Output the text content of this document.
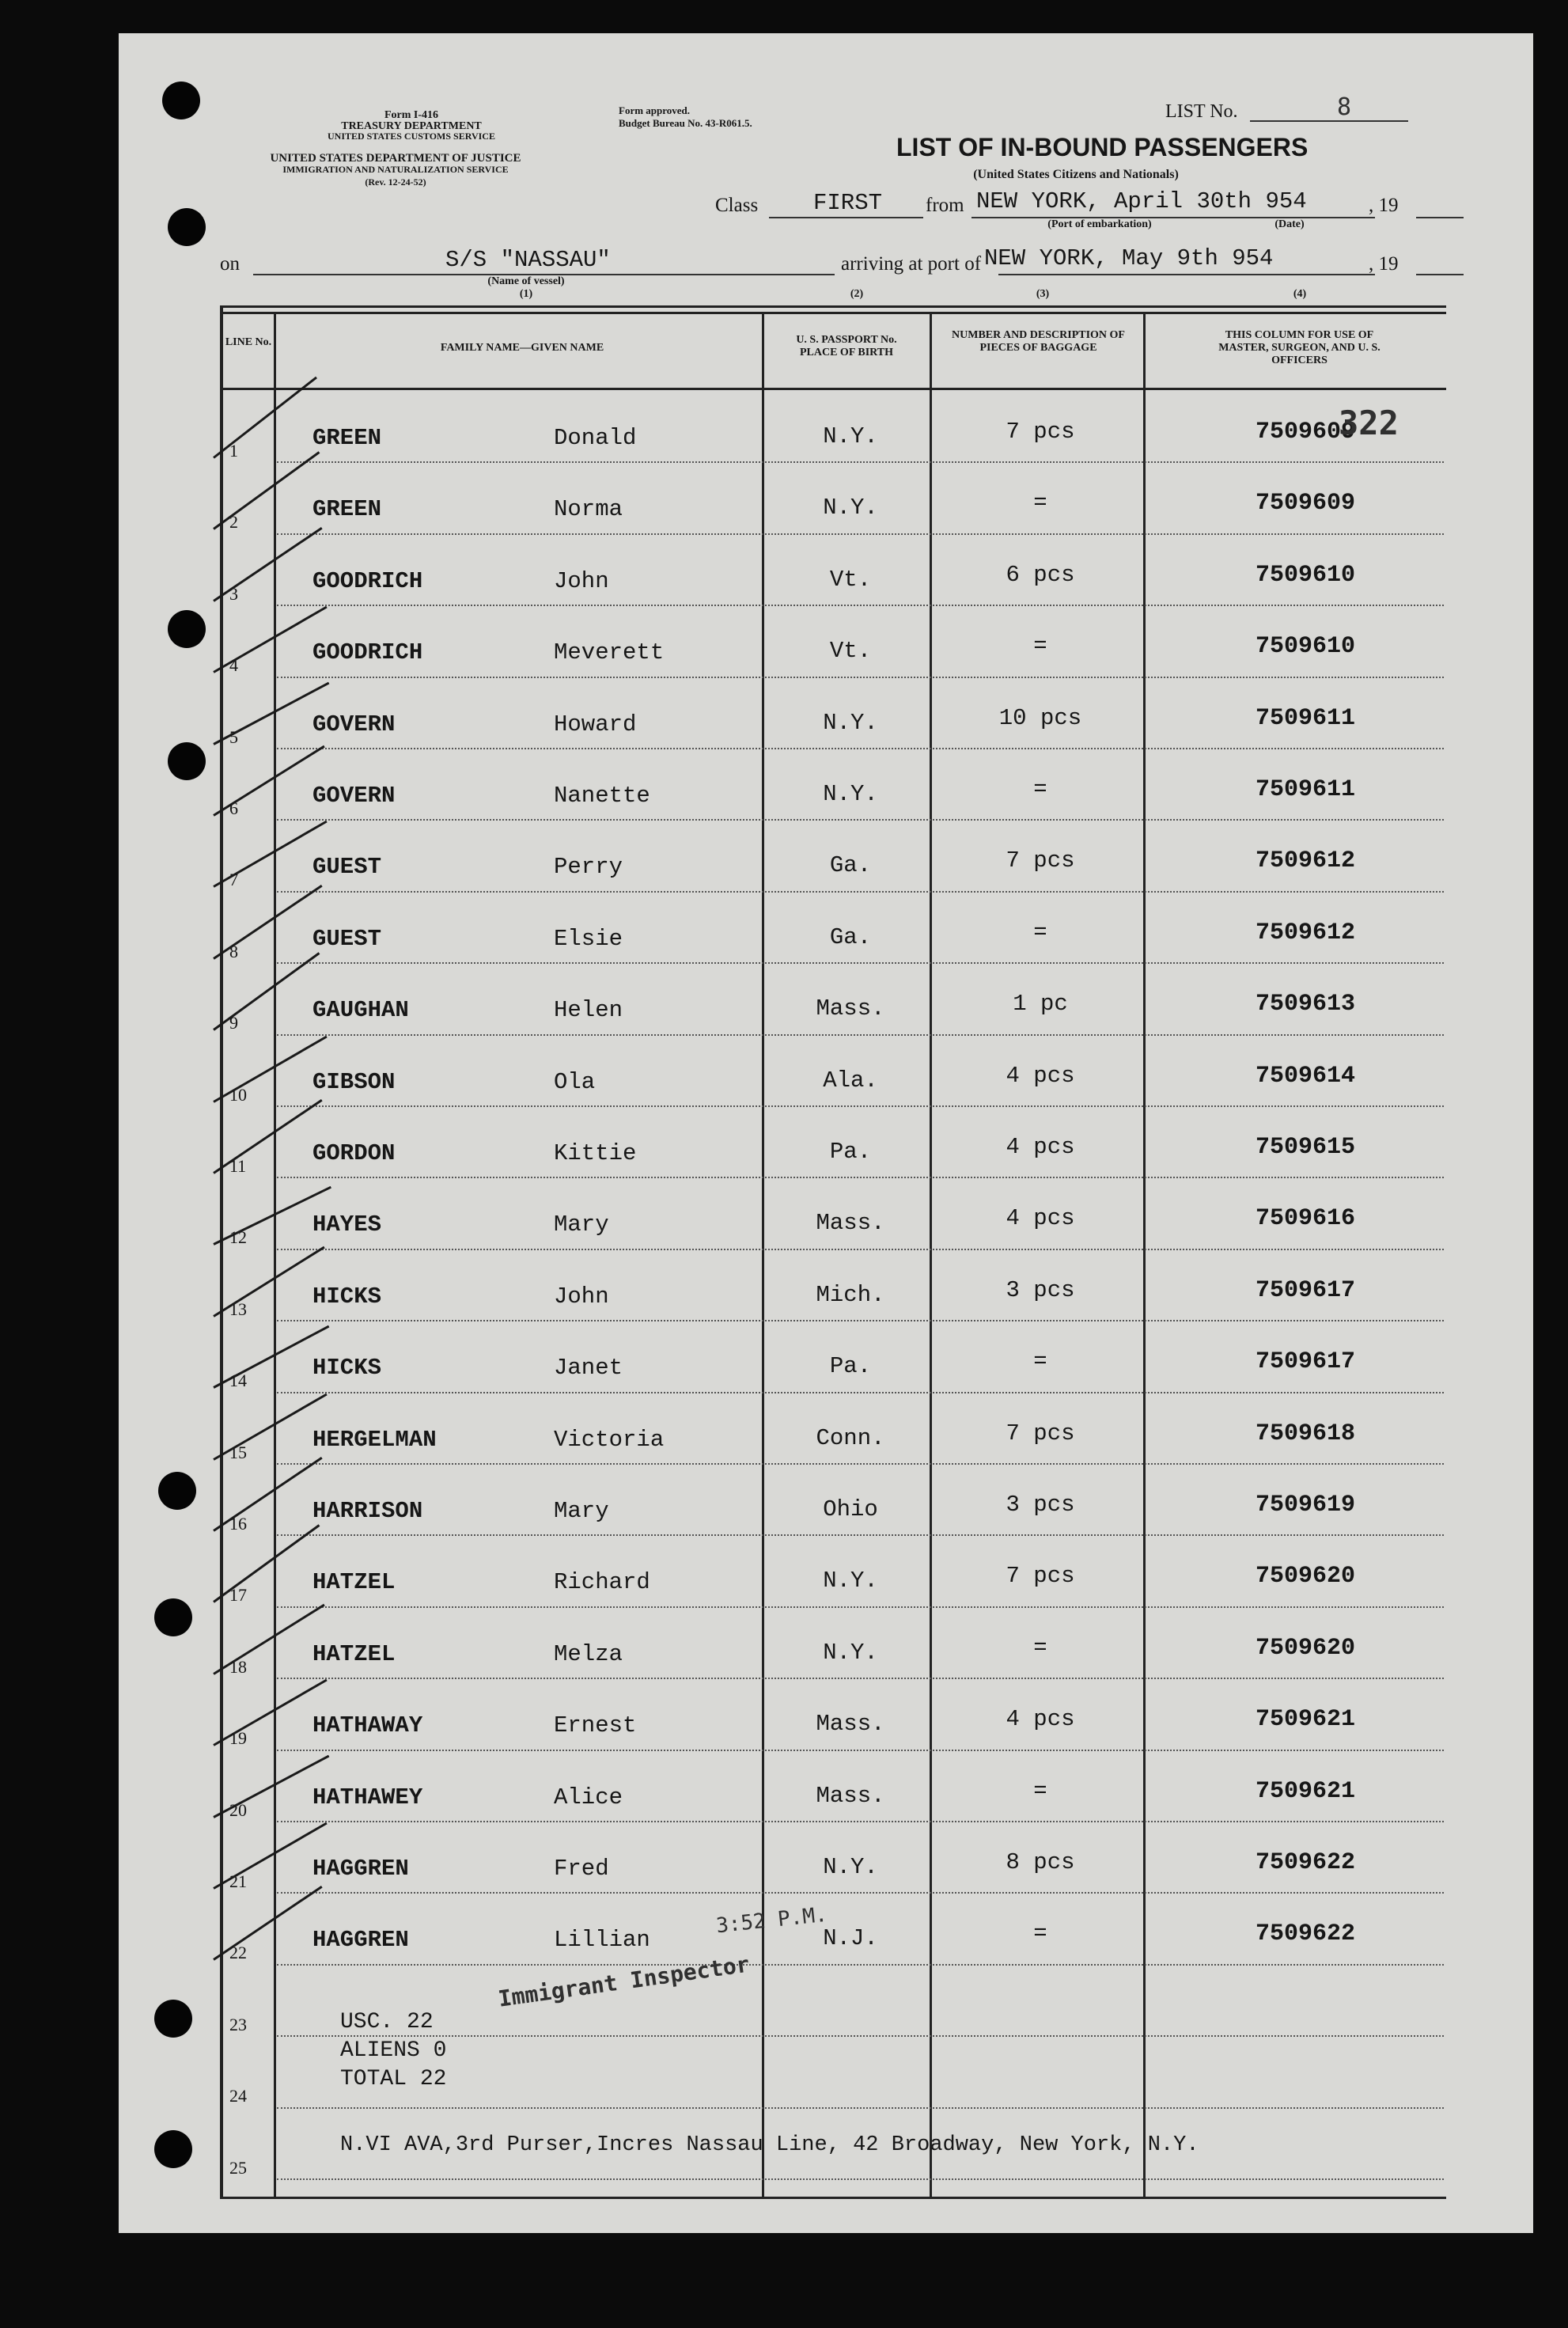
Form I-416
TREASURY DEPARTMENT
UNITED STATES CUSTOMS SERVICE
UNITED STATES DEPARTMENT OF JUSTICE
IMMIGRATION AND NATURALIZATION SERVICE
(Rev. 12-24-52)
Form approved.
Budget Bureau No. 43-R061.5.
LIST No.	8
LIST OF IN-BOUND PASSENGERS
(United States Citizens and Nationals)
Class FIRST from NEW YORK, April 30th 954
(Port of embarkation)	(Date)
, 19
on	S/S "NASSAU"
(Name of vessel)
(1)
arriving at port of NEW YORK, May 9th 954	, 19
(2)	(3)	(4)
LINE No.	FAMILY NAME—GIVEN NAME
U. S. PASSPORT No. PLACE OF BIRTH
NUMBER AND DESCRIPTION OF PIECES OF BAGGAGE
THIS COLUMN FOR USE OF MASTER, SURGEON, AND U. S. OFFICERS
1	GREEN	Donald	N.Y.	7 pcs	7509609
2	GREEN	Norma	N.Y.	=	7509609
3	GOODRICH	John	Vt.	6 pcs	7509610
4	GOODRICH	Meverett	Vt.	=	7509610
5	GOVERN	Howard	N.Y.	10 pcs	7509611
6	GOVERN	Nanette	N.Y.	=	7509611
7	GUEST	Perry	Ga.	7 pcs	7509612
8	GUEST	Elsie	Ga.	=	7509612
9	GAUGHAN	Helen	Mass.	1 pc	7509613
10	GIBSON	Ola	Ala.	4 pcs	7509614
11	GORDON	Kittie	Pa.	4 pcs	7509615
12	HAYES	Mary	Mass.	4 pcs	7509616
13	HICKS	John	Mich.	3 pcs	7509617
14	HICKS	Janet	Pa.	=	7509617
15	HERGELMAN	Victoria	Conn.	7 pcs	7509618
16	HARRISON	Mary	Ohio	3 pcs	7509619
17	HATZEL	Richard	N.Y.	7 pcs	7509620
18	HATZEL	Melza	N.Y.	=	7509620
19	HATHAWAY	Ernest	Mass.	4 pcs	7509621
20	HATHAWEY	Alice	Mass.	=	7509621
21	HAGGREN	Fred	N.Y.	8 pcs	7509622
22	HAGGREN	Lillian	N.J.	=	7509622
23
24
25
322
Immigrant Inspector
3:52 P.M.
USC. 22
ALIENS 0
TOTAL 22
N.VI AVA,3rd Purser,Incres Nassau Line, 42 Broadway, New York, N.Y.
